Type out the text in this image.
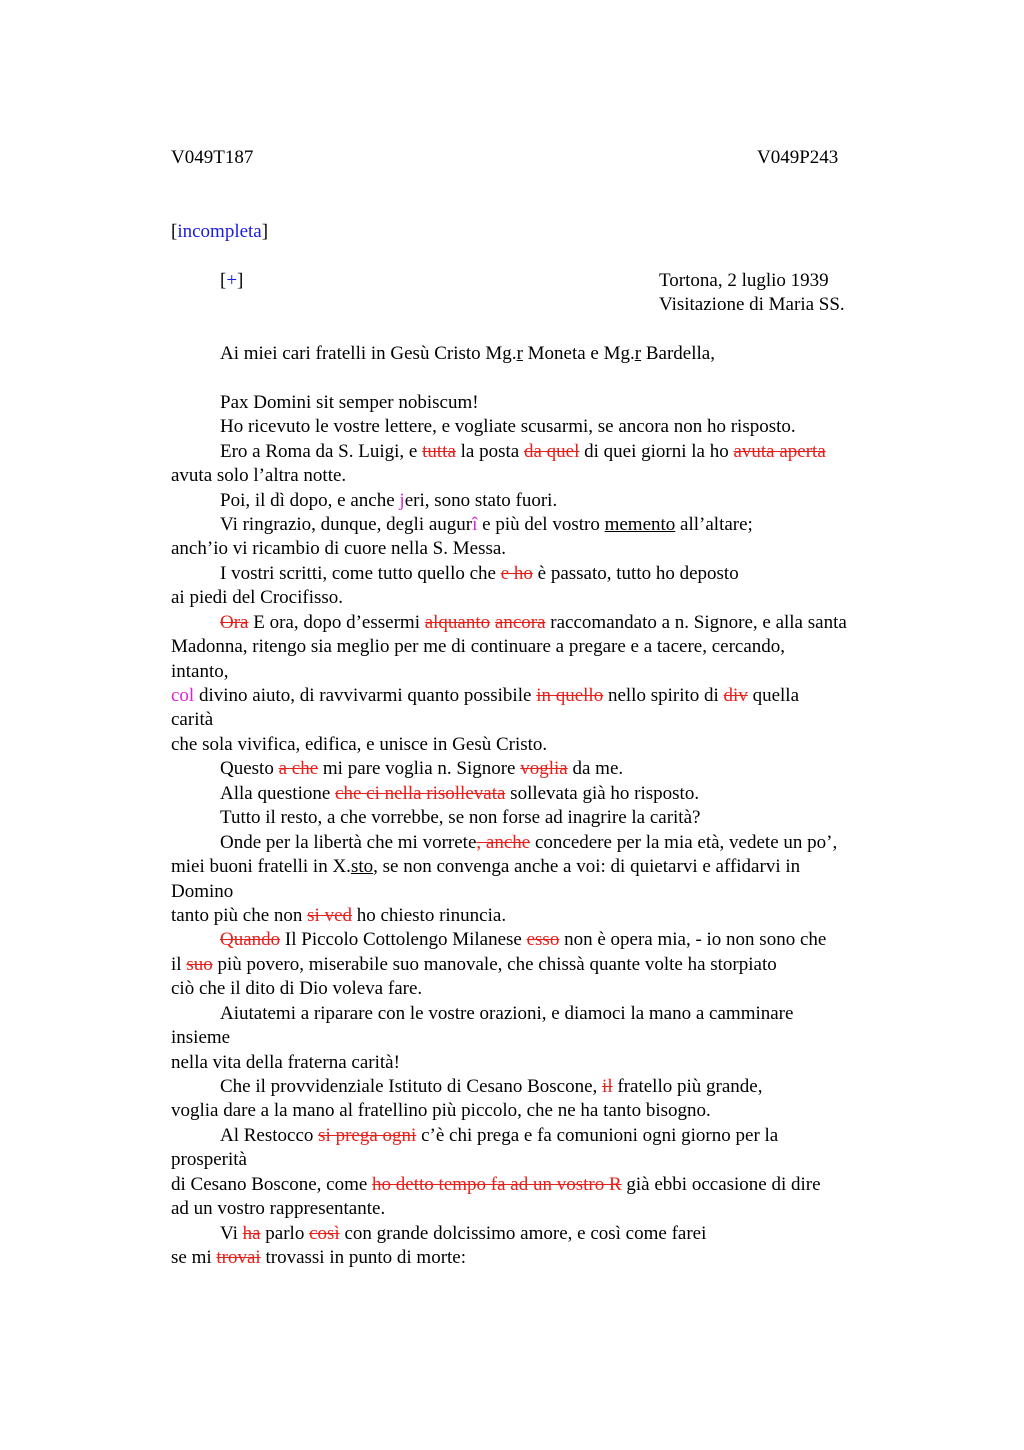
V049T187	V049P243
[incompleta]
[+]	Tortona, 2 luglio 1939
Visitazione di Maria SS.
Ai miei cari fratelli in Gesù Cristo Mg.r Moneta e Mg.r Bardella,
Pax Domini sit semper nobiscum!
Ho ricevuto le vostre lettere, e vogliate scusarmi, se ancora non ho risposto.
Ero a Roma da S. Luigi, e tutta la posta da quel di quei giorni la ho avuta aperta
avuta solo l’altra notte.
Poi, il dì dopo, e anche jeri, sono stato fuori.
Vi ringrazio, dunque, degli augurî e più del vostro memento all’altare;
anch’io vi ricambio di cuore nella S. Messa.
I vostri scritti, come tutto quello che e ho è passato, tutto ho deposto
ai piedi del Crocifisso.
Ora E ora, dopo d’essermi alquanto ancora raccomandato a n. Signore, e alla santa
Madonna, ritengo sia meglio per me di continuare a pregare e a tacere, cercando,
intanto,
col divino aiuto, di ravvivarmi quanto possibile in quello nello spirito di div quella
carità
che sola vivifica, edifica, e unisce in Gesù Cristo.
Questo a che mi pare voglia n. Signore voglia da me.
Alla questione che ci nella risollevata sollevata già ho risposto.
Tutto il resto, a che vorrebbe, se non forse ad inagrire la carità?
Onde per la libertà che mi vorrete, anche concedere per la mia età, vedete un po’,
miei buoni fratelli in X.sto, se non convenga anche a voi: di quietarvi e affidarvi in
Domino
tanto più che non si ved ho chiesto rinuncia.
Quando Il Piccolo Cottolengo Milanese esso non è opera mia, - io non sono che
il suo più povero, miserabile suo manovale, che chissà quante volte ha storpiato
ciò che il dito di Dio voleva fare.
Aiutatemi a riparare con le vostre orazioni, e diamoci la mano a camminare
insieme
nella vita della fraterna carità!
Che il provvidenziale Istituto di Cesano Boscone, il fratello più grande,
voglia dare a la mano al fratellino più piccolo, che ne ha tanto bisogno.
Al Restocco si prega ogni c’è chi prega e fa comunioni ogni giorno per la
prosperità
di Cesano Boscone, come ho detto tempo fa ad un vostro R già ebbi occasione di dire
ad un vostro rappresentante.
Vi ha parlo così con grande dolcissimo amore, e così come farei
se mi trovai trovassi in punto di morte:
